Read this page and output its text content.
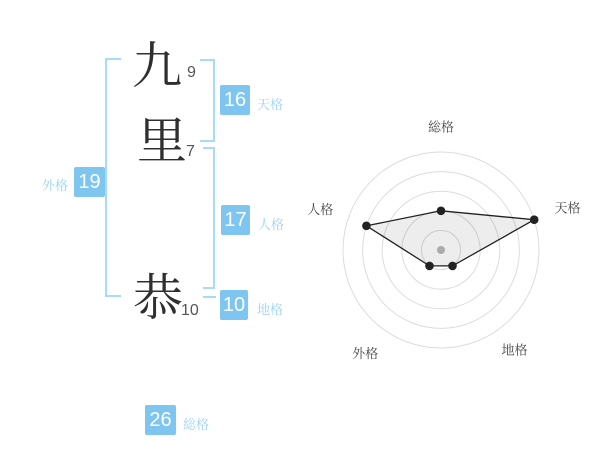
九 9
里 7
恭
10
外格 19
16 天格
17 人格
10 地格
26 総格
総格
天格
地格
外格
人格
